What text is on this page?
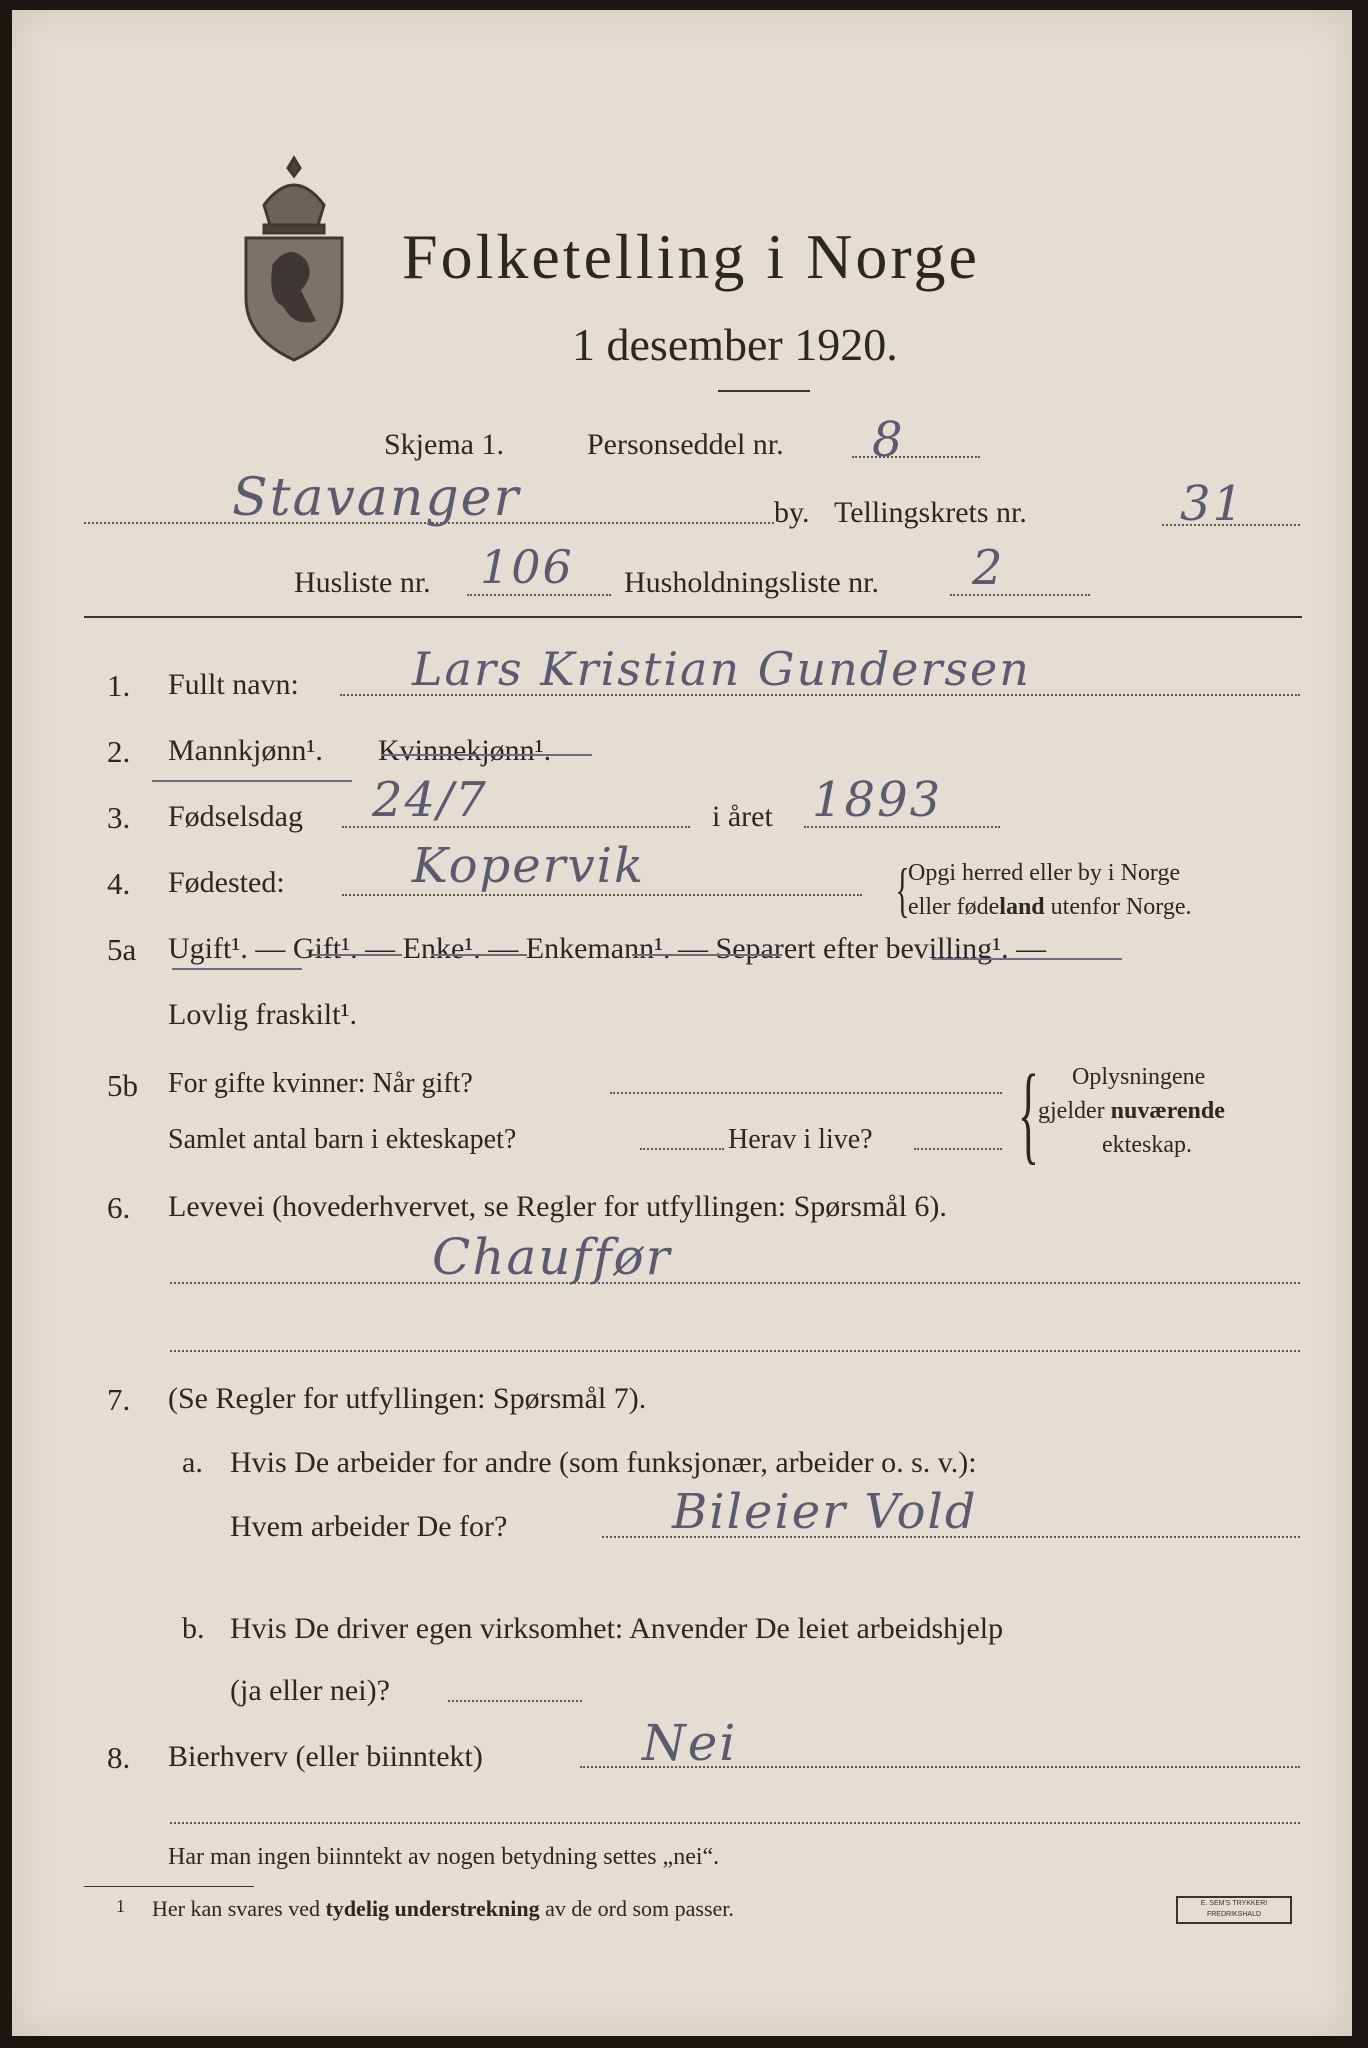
Folketelling i Norge
1 desember 1920.
Skjema 1.	Personseddel nr. 8
Stavanger	by. Tellingskrets nr.	31
Husliste nr. 106 Husholdningsliste nr. 2
1. Fullt navn: Lars Kristian Gundersen
2. Mannkjønn¹. Kvinnekjønn¹.
3. Fødselsdag 24/7	i året 1893
4. Fødested:	Kopervik	{
Opgi herred eller by i Norge
eller fødeland utenfor Norge.
5a Ugift¹. — Gift¹. — Enke¹. — Enkemann¹. — Separert efter bevilling¹. —
Lovlig fraskilt¹.
5b For gifte kvinner: Når gift?
Samlet antal barn i ekteskapet?	Herav i live? { Oplysningene
gjelder nuværende
ekteskap.
6. Levevei (hovederhvervet, se Regler for utfyllingen: Spørsmål 6).
Chauffør
7. (Se Regler for utfyllingen: Spørsmål 7).
a. Hvis De arbeider for andre (som funksjonær, arbeider o. s. v.):
Hvem arbeider De for?	Bileier Vold
b. Hvis De driver egen virksomhet: Anvender De leiet arbeidshjelp
(ja eller nei)?
8. Bierhverv (eller biinntekt)	Nei
Har man ingen biinntekt av nogen betydning settes „nei“.
1 Her kan svares ved tydelig understrekning av de ord som passer.	E. SEM'S TRYKKERI FREDRIKSHALD
